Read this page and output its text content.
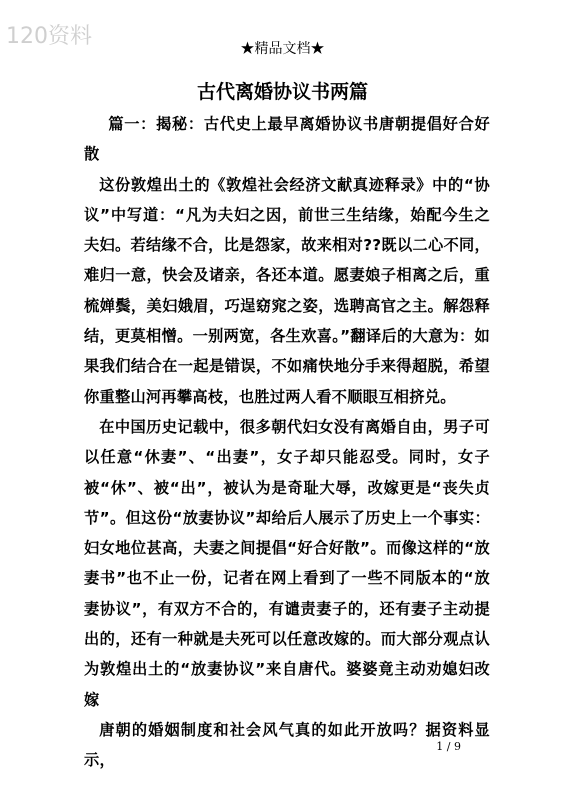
120资料	★精品文档★
古代离婚协议书两篇

篇一：揭秘：古代史上最早离婚协议书唐朝提倡好合好散

这份敦煌出土的《敦煌社会经济文献真迹释录》中的“协议”中写道：“凡为夫妇之因，前世三生结缘，始配今生之夫妇。若结缘不合，比是怨家，故来相对??既以二心不同，难归一意，快会及诸亲，各还本道。愿妻娘子相离之后，重梳婵鬓，美妇娥眉，巧逞窈窕之姿，选聘高官之主。解怨释结，更莫相憎。一别两宽，各生欢喜。”翻译后的大意为：如果我们结合在一起是错误，不如痛快地分手来得超脱，希望你重整山河再攀高枝，也胜过两人看不顺眼互相挤兑。

在中国历史记载中，很多朝代妇女没有离婚自由，男子可以任意“休妻”、“出妻”，女子却只能忍受。同时，女子被“休”、被“出”，被认为是奇耻大辱，改嫁更是“丧失贞节”。但这份“放妻协议”却给后人展示了历史上一个事实：妇女地位甚高，夫妻之间提倡“好合好散”。而像这样的“放妻书”也不止一份，记者在网上看到了一些不同版本的“放妻协议”，有双方不合的，有谴责妻子的，还有妻子主动提出的，还有一种就是夫死可以任意改嫁的。而大部分观点认为敦煌出土的“放妻协议”来自唐代。婆婆竟主动劝媳妇改嫁

唐朝的婚姻制度和社会风气真的如此开放吗？据资料显示，

1 / 9
